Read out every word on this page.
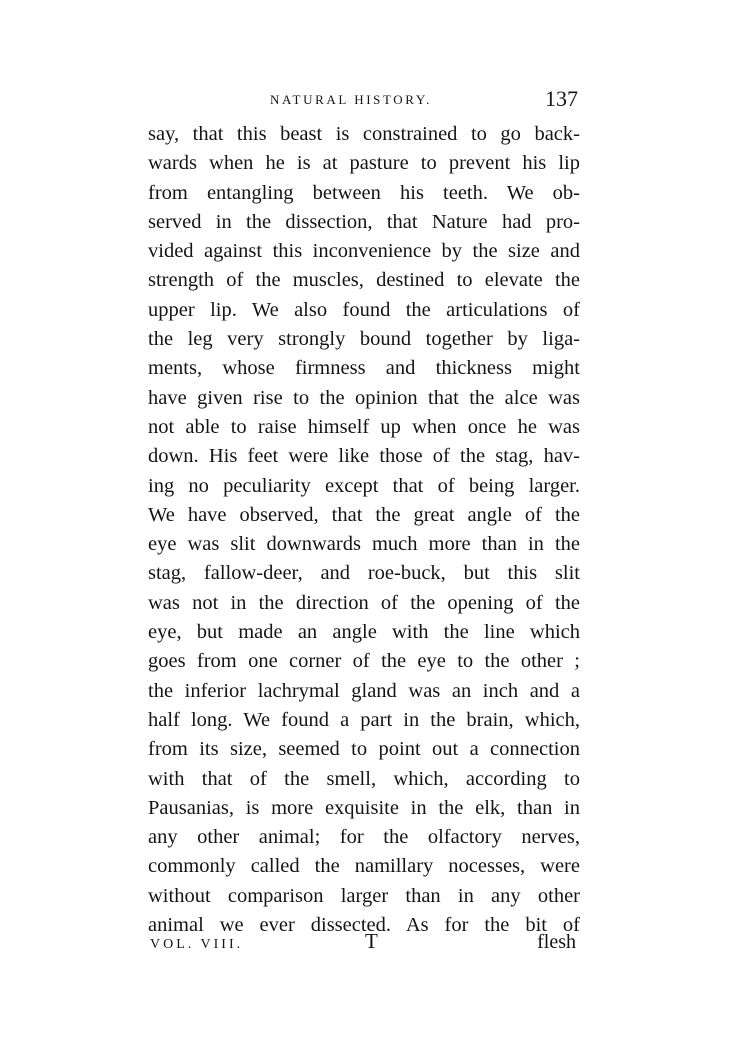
NATURAL HISTORY.	137
say, that this beast is constrained to go back-
wards when he is at pasture to prevent his lip
from entangling between his teeth. We ob-
served in the dissection, that Nature had pro-
vided against this inconvenience by the size and
strength of the muscles, destined to elevate the
upper lip. We also found the articulations of
the leg very strongly bound together by liga-
ments, whose firmness and thickness might
have given rise to the opinion that the alce was
not able to raise himself up when once he was
down. His feet were like those of the stag, hav-
ing no peculiarity except that of being larger.
We have observed, that the great angle of the
eye was slit downwards much more than in the
stag, fallow-deer, and roe-buck, but this slit
was not in the direction of the opening of the
eye, but made an angle with the line which
goes from one corner of the eye to the other ;
the inferior lachrymal gland was an inch and a
half long. We found a part in the brain, which,
from its size, seemed to point out a connection
with that of the smell, which, according to
Pausanias, is more exquisite in the elk, than in
any other animal; for the olfactory nerves,
commonly called the namillary nocesses, were
without comparison larger than in any other
animal we ever dissected. As for the bit of
VOL. VIII.	T	flesh
